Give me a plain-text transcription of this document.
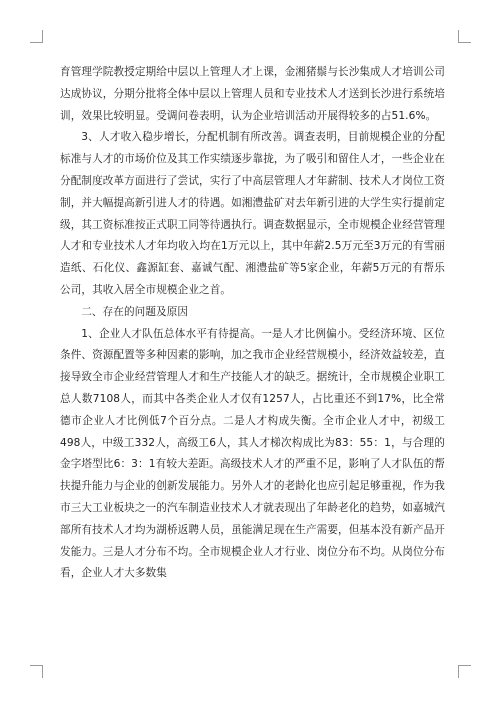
育管理学院教授定期给中层以上管理人才上课，金湘猪鬃与长沙集成人才培训公司达成协议，分期分批将全体中层以上管理人员和专业技术人才送到长沙进行系统培训，效果比较明显。受调问卷表明，认为企业培训活动开展得较多的占51.6%。

3、人才收入稳步增长，分配机制有所改善。调查表明，目前规模企业的分配标准与人才的市场价位及其工作实绩逐步靠拢，为了吸引和留住人才，一些企业在分配制度改革方面进行了尝试，实行了中高层管理人才年薪制、技术人才岗位工资制，并大幅提高新引进人才的待遇。如湘澧盐矿对去年新引进的大学生实行提前定级，其工资标准按正式职工同等待遇执行。调查数据显示，全市规模企业经营管理人才和专业技术人才年均收入均在1万元以上，其中年薪2.5万元至3万元的有雪丽造纸、石化仪、鑫源缸套、嘉诚气配、湘澧盐矿等5家企业，年薪5万元的有帮乐公司，其收入居全市规模企业之首。

二、存在的问题及原因

1、企业人才队伍总体水平有待提高。一是人才比例偏小。受经济环境、区位条件、资源配置等多种因素的影响，加之我市企业经营规模小，经济效益较差，直接导致全市企业经营管理人才和生产技能人才的缺乏。据统计，全市规模企业职工总人数7108人，而其中各类企业人才仅有1257人，占比重还不到17%，比全常德市企业人才比例低7个百分点。二是人才构成失衡。全市企业人才中，初级工498人，中级工332人，高级工6人，其人才梯次构成比为83：55：1，与合理的金字塔型比6：3：1有较大差距。高级技术人才的严重不足，影响了人才队伍的帮扶提升能力与企业的创新发展能力。另外人才的老龄化也应引起足够重视，作为我市三大工业板块之一的汽车制造业技术人才就表现出了年龄老化的趋势，如嘉城汽部所有技术人才均为湖桥返聘人员，虽能满足现在生产需要，但基本没有新产品开发能力。三是人才分布不均。全市规模企业人才行业、岗位分布不均。从岗位分布看，企业人才大多数集
